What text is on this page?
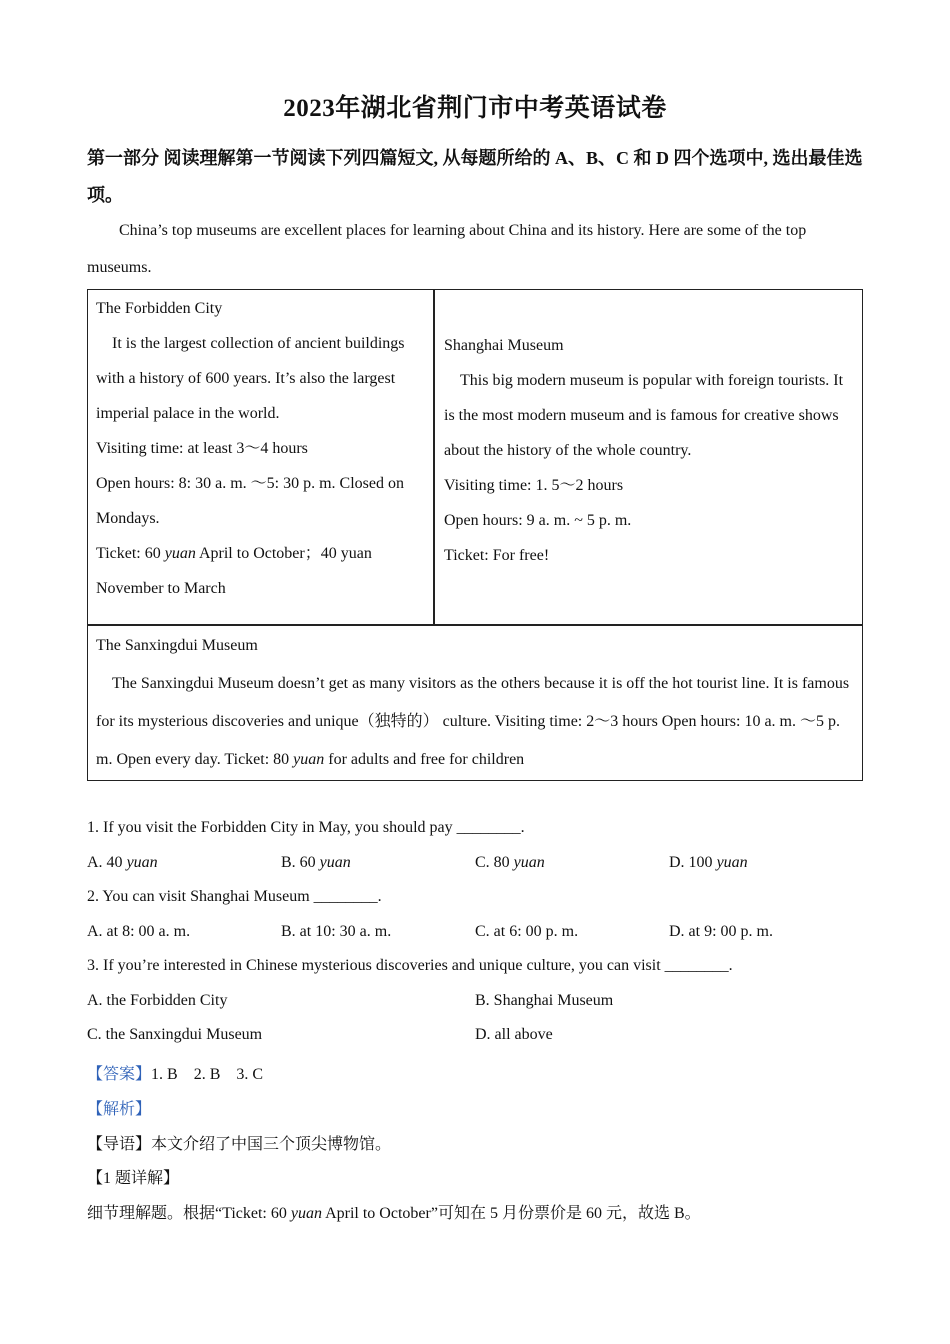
2023年湖北省荆门市中考英语试卷
第一部分 阅读理解第一节阅读下列四篇短文, 从每题所给的 A、B、C 和 D 四个选项中, 选出最佳选项。
China’s top museums are excellent places for learning about China and its history. Here are some of the top museums.

The Forbidden City

It is the largest collection of ancient buildings with a history of 600 years. It’s also the largest imperial palace in the world.

Visiting time: at least 3～4 hours

Open hours: 8: 30 a. m. ～5: 30 p. m. Closed on Mondays.

Ticket: 60 yuan April to October；40 yuan November to March

Shanghai Museum

This big modern museum is popular with foreign tourists. It is the most modern museum and is famous for creative shows about the history of the whole country.

Visiting time: 1. 5～2 hours

Open hours: 9 a. m. ~ 5 p. m.

Ticket: For free!

The Sanxingdui Museum

The Sanxingdui Museum doesn’t get as many visitors as the others because it is off the hot tourist line. It is famous for its mysterious discoveries and unique（独特的） culture. Visiting time: 2～3 hours Open hours: 10 a. m. ～5 p. m. Open every day. Ticket: 80 yuan for adults and free for children

1. If you visit the Forbidden City in May, you should pay ________.
A. 40 yuan	B. 60 yuan	C. 80 yuan	D. 100 yuan
2. You can visit Shanghai Museum ________.
A. at 8: 00 a. m.	B. at 10: 30 a. m.	C. at 6: 00 p. m.	D. at 9: 00 p. m.
3. If you’re interested in Chinese mysterious discoveries and unique culture, you can visit ________.
A. the Forbidden City	B. Shanghai Museum
C. the Sanxingdui Museum	D. all above
【答案】1. B    2. B    3. C
【解析】
【导语】本文介绍了中国三个顶尖博物馆。
【1 题详解】
细节理解题。根据“Ticket: 60 yuan April to October”可知在 5 月份票价是 60 元，故选 B。
